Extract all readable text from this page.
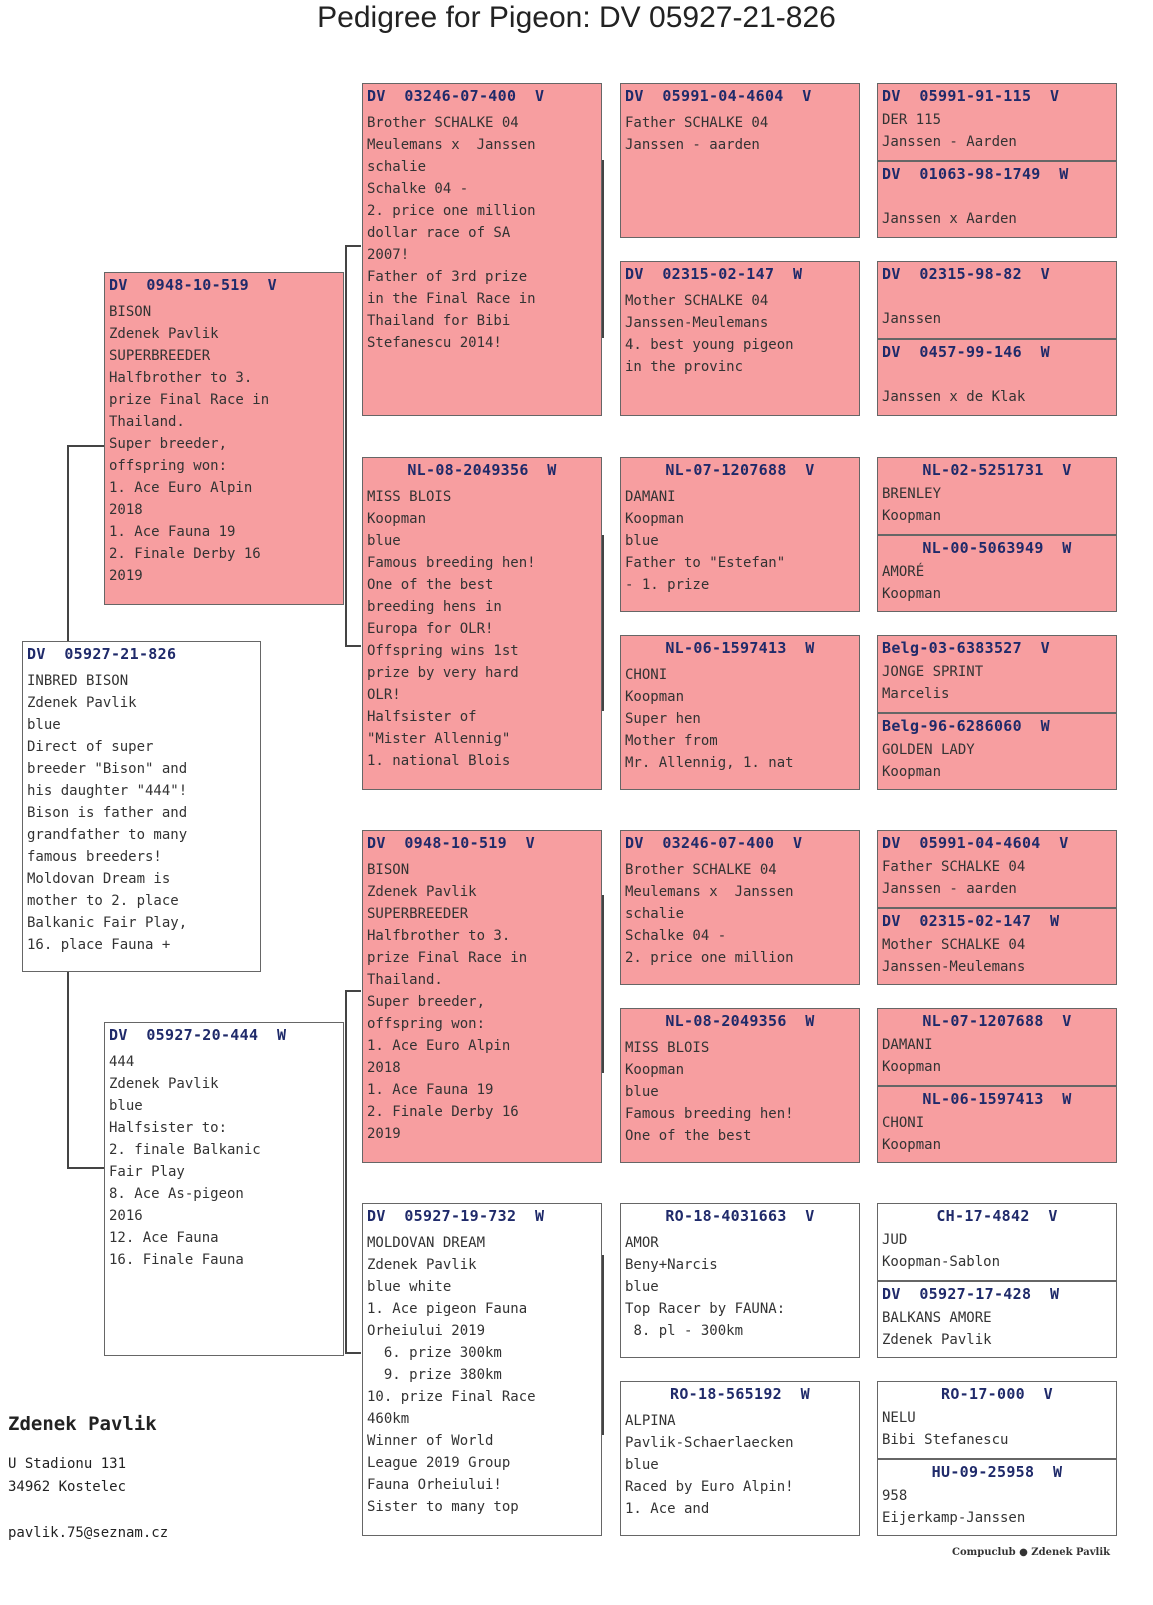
Pedigree for Pigeon: DV 05927-21-826
DV  05927-21-826
INBRED BISON
Zdenek Pavlik
blue
Direct of super
breeder "Bison" and
his daughter "444"!
Bison is father and
grandfather to many
famous breeders!
Moldovan Dream is
mother to 2. place
Balkanic Fair Play,
16. place Fauna +
DV  0948-10-519  V
BISON
Zdenek Pavlik
SUPERBREEDER
Halfbrother to 3.
prize Final Race in
Thailand.
Super breeder,
offspring won:
1. Ace Euro Alpin
2018
1. Ace Fauna 19
2. Finale Derby 16
2019
DV  05927-20-444  W
444
Zdenek Pavlik
blue
Halfsister to:
2. finale Balkanic
Fair Play
8. Ace As-pigeon
2016
12. Ace Fauna
16. Finale Fauna
DV  03246-07-400  V
Brother SCHALKE 04
Meulemans x  Janssen
schalie
Schalke 04 -
2. price one million
dollar race of SA
2007!
Father of 3rd prize
in the Final Race in
Thailand for Bibi
Stefanescu 2014!
NL-08-2049356  W
MISS BLOIS
Koopman
blue
Famous breeding hen!
One of the best
breeding hens in
Europa for OLR!
Offspring wins 1st
prize by very hard
OLR!
Halfsister of
"Mister Allennig"
1. national Blois
DV  0948-10-519  V
BISON
Zdenek Pavlik
SUPERBREEDER
Halfbrother to 3.
prize Final Race in
Thailand.
Super breeder,
offspring won:
1. Ace Euro Alpin
2018
1. Ace Fauna 19
2. Finale Derby 16
2019
DV  05927-19-732  W
MOLDOVAN DREAM
Zdenek Pavlik
blue white
1. Ace pigeon Fauna
Orheiului 2019
6. prize 300km
9. prize 380km
10. prize Final Race
460km
Winner of World
League 2019 Group
Fauna Orheiului!
Sister to many top
DV  05991-04-4604  V
Father SCHALKE 04
Janssen - aarden
DV  02315-02-147  W
Mother SCHALKE 04
Janssen-Meulemans
4. best young pigeon
in the provinc
NL-07-1207688  V
DAMANI
Koopman
blue
Father to "Estefan"
- 1. prize
NL-06-1597413  W
CHONI
Koopman
Super hen
Mother from
Mr. Allennig, 1. nat
DV  03246-07-400  V
Brother SCHALKE 04
Meulemans x  Janssen
schalie
Schalke 04 -
2. price one million
NL-08-2049356  W
MISS BLOIS
Koopman
blue
Famous breeding hen!
One of the best
RO-18-4031663  V
AMOR
Beny+Narcis
blue
Top Racer by FAUNA:
8. pl - 300km
RO-18-565192  W
ALPINA
Pavlik-Schaerlaecken
blue
Raced by Euro Alpin!
1. Ace and
DV  05991-91-115  V
DER 115
Janssen - Aarden
DV  01063-98-1749  W
Janssen x Aarden
DV  02315-98-82  V
Janssen
DV  0457-99-146  W
Janssen x de Klak
NL-02-5251731  V
BRENLEY
Koopman
NL-00-5063949  W
AMORÉ
Koopman
Belg-03-6383527  V
JONGE SPRINT
Marcelis
Belg-96-6286060  W
GOLDEN LADY
Koopman
DV  05991-04-4604  V
Father SCHALKE 04
Janssen - aarden
DV  02315-02-147  W
Mother SCHALKE 04
Janssen-Meulemans
NL-07-1207688  V
DAMANI
Koopman
NL-06-1597413  W
CHONI
Koopman
CH-17-4842  V
JUD
Koopman-Sablon
DV  05927-17-428  W
BALKANS AMORE
Zdenek Pavlik
RO-17-000  V
NELU
Bibi Stefanescu
HU-09-25958  W
958
Eijerkamp-Janssen
Zdenek Pavlik
U Stadionu 131
34962 Kostelec
pavlik.75@seznam.cz
Compuclub ● Zdenek Pavlik
